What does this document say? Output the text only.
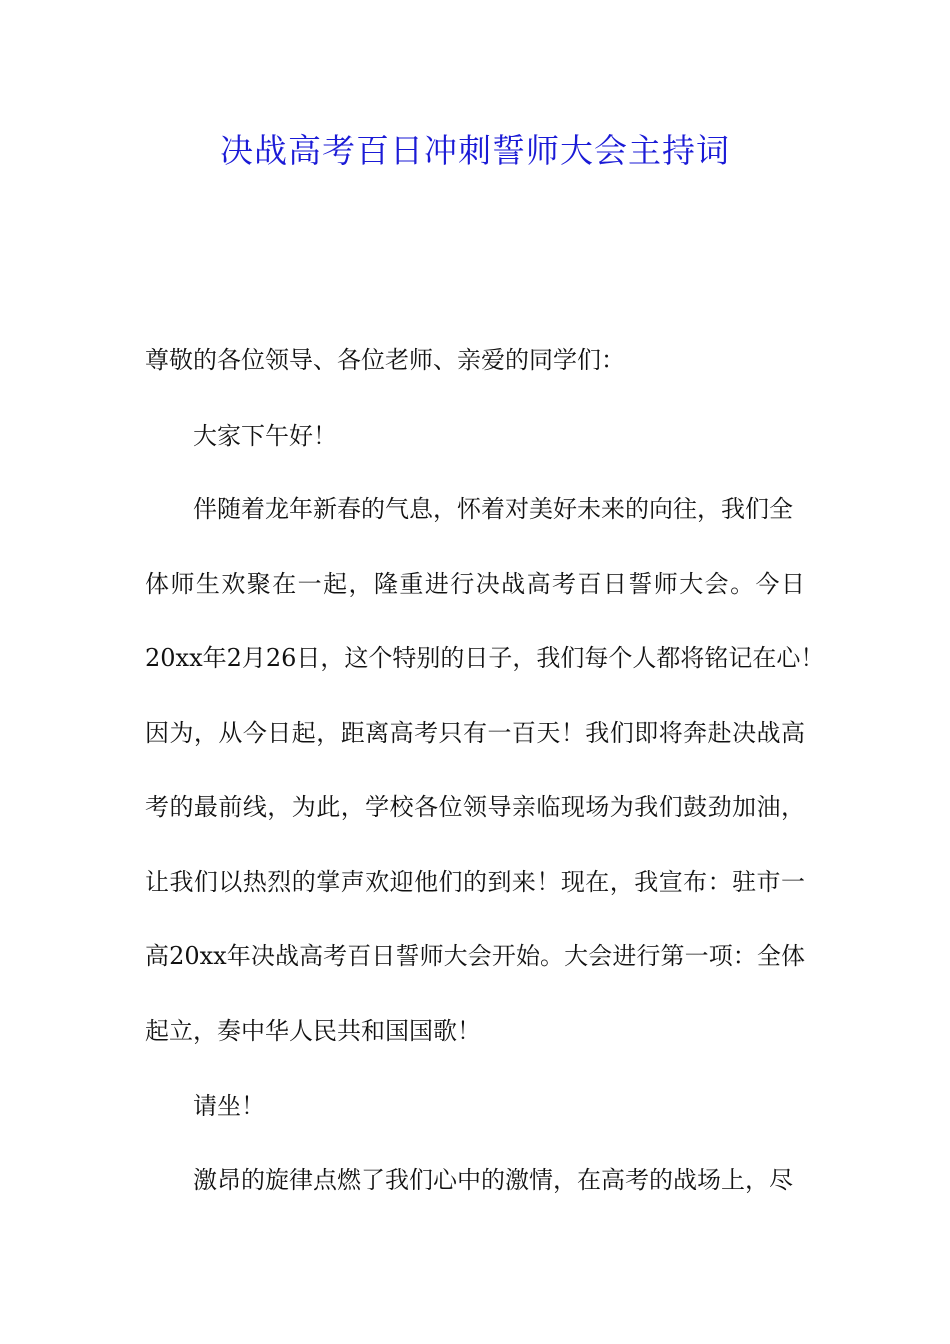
决战高考百日冲刺誓师大会主持词

尊敬的各位领导、各位老师、亲爱的同学们：

大家下午好！

伴随着龙年新春的气息，怀着对美好未来的向往，我们全

体师生欢聚在一起，隆重进行决战高考百日誓师大会。今日

20xx年2月26日，这个特别的日子，我们每个人都将铭记在心！

因为，从今日起，距离高考只有一百天！我们即将奔赴决战高

考的最前线，为此，学校各位领导亲临现场为我们鼓劲加油，

让我们以热烈的掌声欢迎他们的到来！现在，我宣布：驻市一

高20xx年决战高考百日誓师大会开始。大会进行第一项：全体

起立，奏中华人民共和国国歌！

请坐！

激昂的旋律点燃了我们心中的激情，在高考的战场上，尽
